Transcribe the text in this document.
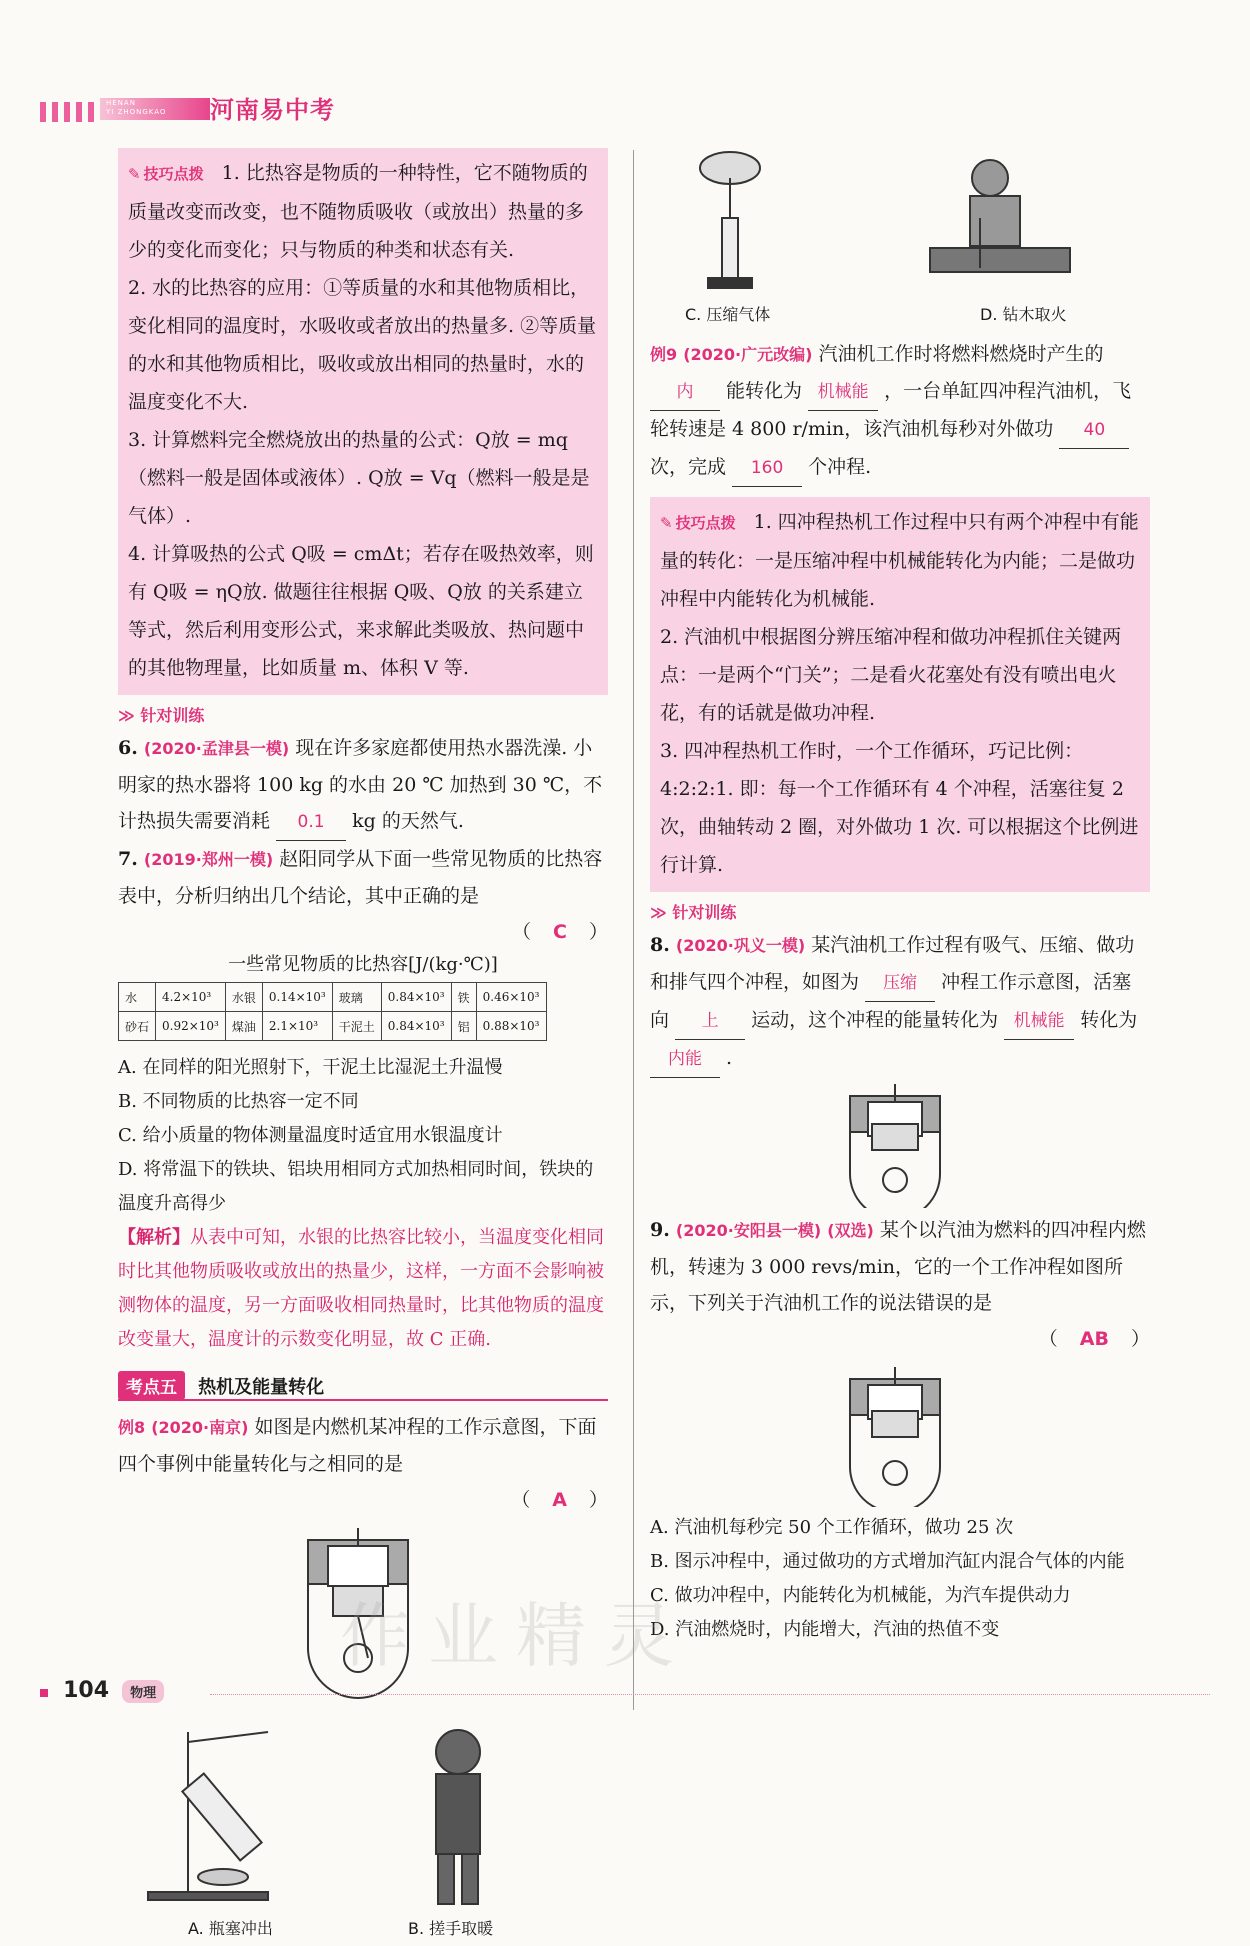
HENAN
YI ZHONGKAO 河南易中考
✎ 技巧点拨 1. 比热容是物质的一种特性，它不随物质的质量改变而改变，也不随物质吸收（或放出）热量的多少的变化而变化；只与物质的种类和状态有关.
2. 水的比热容的应用：①等质量的水和其他物质相比，变化相同的温度时，水吸收或者放出的热量多. ②等质量的水和其他物质相比，吸收或放出相同的热量时，水的温度变化不大.
3. 计算燃料完全燃烧放出的热量的公式：Q放 = mq（燃料一般是固体或液体）. Q放 = Vq（燃料一般是是气体）.
4. 计算吸热的公式 Q吸 = cmΔt；若存在吸热效率，则有 Q吸 = ηQ放. 做题往往根据 Q吸、Q放 的关系建立等式，然后利用变形公式，来求解此类吸放、热问题中的其他物理量，比如质量 m、体积 V 等.
≫ 针对训练
6. (2020·孟津县一模) 现在许多家庭都使用热水器洗澡. 小明家的热水器将 100 kg 的水由 20 ℃ 加热到 30 ℃，不计热损失需要消耗 0.1 kg 的天然气.
7. (2019·郑州一模) 赵阳同学从下面一些常见物质的比热容表中，分析归纳出几个结论，其中正确的是
（ C ）
一些常见物质的比热容[J/(kg·℃)]
水	4.2×10³	水银	0.14×10³	玻璃	0.84×10³	铁	0.46×10³
砂石	0.92×10³	煤油	2.1×10³	干泥土	0.84×10³	铝	0.88×10³
A. 在同样的阳光照射下，干泥土比湿泥土升温慢
B. 不同物质的比热容一定不同
C. 给小质量的物体测量温度时适宜用水银温度计
D. 将常温下的铁块、铝块用相同方式加热相同时间，铁块的温度升高得少
【解析】从表中可知，水银的比热容比较小，当温度变化相同时比其他物质吸收或放出的热量少，这样，一方面不会影响被测物体的温度，另一方面吸收相同热量时，比其他物质的温度改变量大，温度计的示数变化明显，故 C 正确.
考点五 热机及能量转化
例8 (2020·南京) 如图是内燃机某冲程的工作示意图，下面四个事例中能量转化与之相同的是
（ A ）

A. 瓶塞冲出	B. 搓手取暖
C. 压缩气体	D. 钻木取火
例9 (2020·广元改编) 汽油机工作时将燃料燃烧时产生的 内 能转化为 机械能 ，一台单缸四冲程汽油机，飞轮转速是 4 800 r/min，该汽油机每秒对外做功 40 次，完成 160 个冲程.
✎ 技巧点拨 1. 四冲程热机工作过程中只有两个冲程中有能量的转化：一是压缩冲程中机械能转化为内能；二是做功冲程中内能转化为机械能.
2. 汽油机中根据图分辨压缩冲程和做功冲程抓住关键两点：一是两个“门关”；二是看火花塞处有没有喷出电火花，有的话就是做功冲程.
3. 四冲程热机工作时，一个工作循环，巧记比例：4:2:2:1. 即：每一个工作循环有 4 个冲程，活塞往复 2 次，曲轴转动 2 圈，对外做功 1 次. 可以根据这个比例进行计算.
≫ 针对训练
8. (2020·巩义一模) 某汽油机工作过程有吸气、压缩、做功和排气四个冲程，如图为 压缩 冲程工作示意图，活塞向 上 运动，这个冲程的能量转化为 机械能 转化为 内能 .
9. (2020·安阳县一模) (双选) 某个以汽油为燃料的四冲程内燃机，转速为 3 000 revs/min，它的一个工作冲程如图所示，下列关于汽油机工作的说法错误的是
（ AB ）
A. 汽油机每秒完 50 个工作循环，做功 25 次
B. 图示冲程中，通过做功的方式增加汽缸内混合气体的内能
C. 做功冲程中，内能转化为机械能，为汽车提供动力
D. 汽油燃烧时，内能增大，汽油的热值不变
作业精灵
104 物理
